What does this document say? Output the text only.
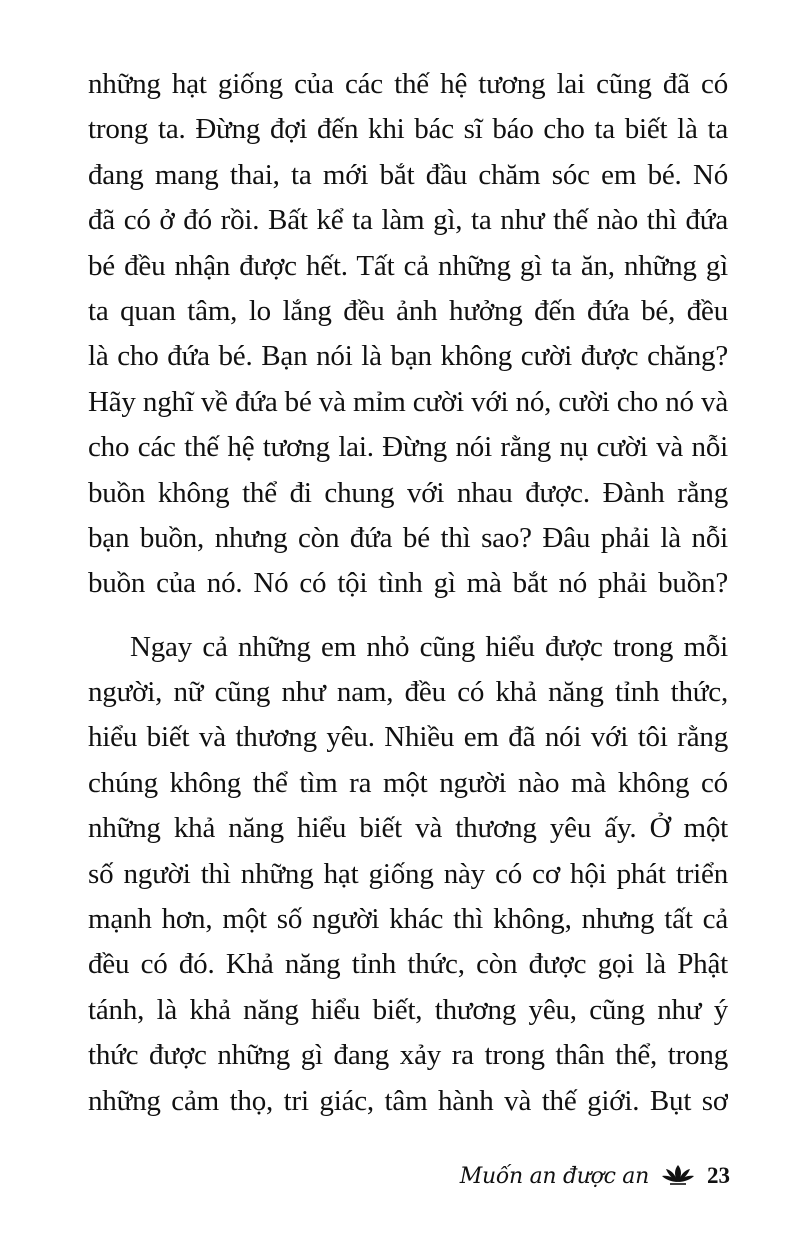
những hạt giống của các thế hệ tương lai cũng đã có
trong ta. Đừng đợi đến khi bác sĩ báo cho ta biết là ta
đang mang thai, ta mới bắt đầu chăm sóc em bé. Nó
đã có ở đó rồi. Bất kể ta làm gì, ta như thế nào thì đứa
bé đều nhận được hết. Tất cả những gì ta ăn, những gì
ta quan tâm, lo lắng đều ảnh hưởng đến đứa bé, đều
là cho đứa bé. Bạn nói là bạn không cười được chăng?
Hãy nghĩ về đứa bé và mỉm cười với nó, cười cho nó và
cho các thế hệ tương lai. Đừng nói rằng nụ cười và nỗi
buồn không thể đi chung với nhau được. Đành rằng
bạn buồn, nhưng còn đứa bé thì sao? Đâu phải là nỗi
buồn của nó. Nó có tội tình gì mà bắt nó phải buồn?
Ngay cả những em nhỏ cũng hiểu được trong mỗi
người, nữ cũng như nam, đều có khả năng tỉnh thức,
hiểu biết và thương yêu. Nhiều em đã nói với tôi rằng
chúng không thể tìm ra một người nào mà không có
những khả năng hiểu biết và thương yêu ấy. Ở một
số người thì những hạt giống này có cơ hội phát triển
mạnh hơn, một số người khác thì không, nhưng tất cả
đều có đó. Khả năng tỉnh thức, còn được gọi là Phật
tánh, là khả năng hiểu biết, thương yêu, cũng như ý
thức được những gì đang xảy ra trong thân thể, trong
những cảm thọ, tri giác, tâm hành và thế giới. Bụt sơ
Muốn an được an	23
